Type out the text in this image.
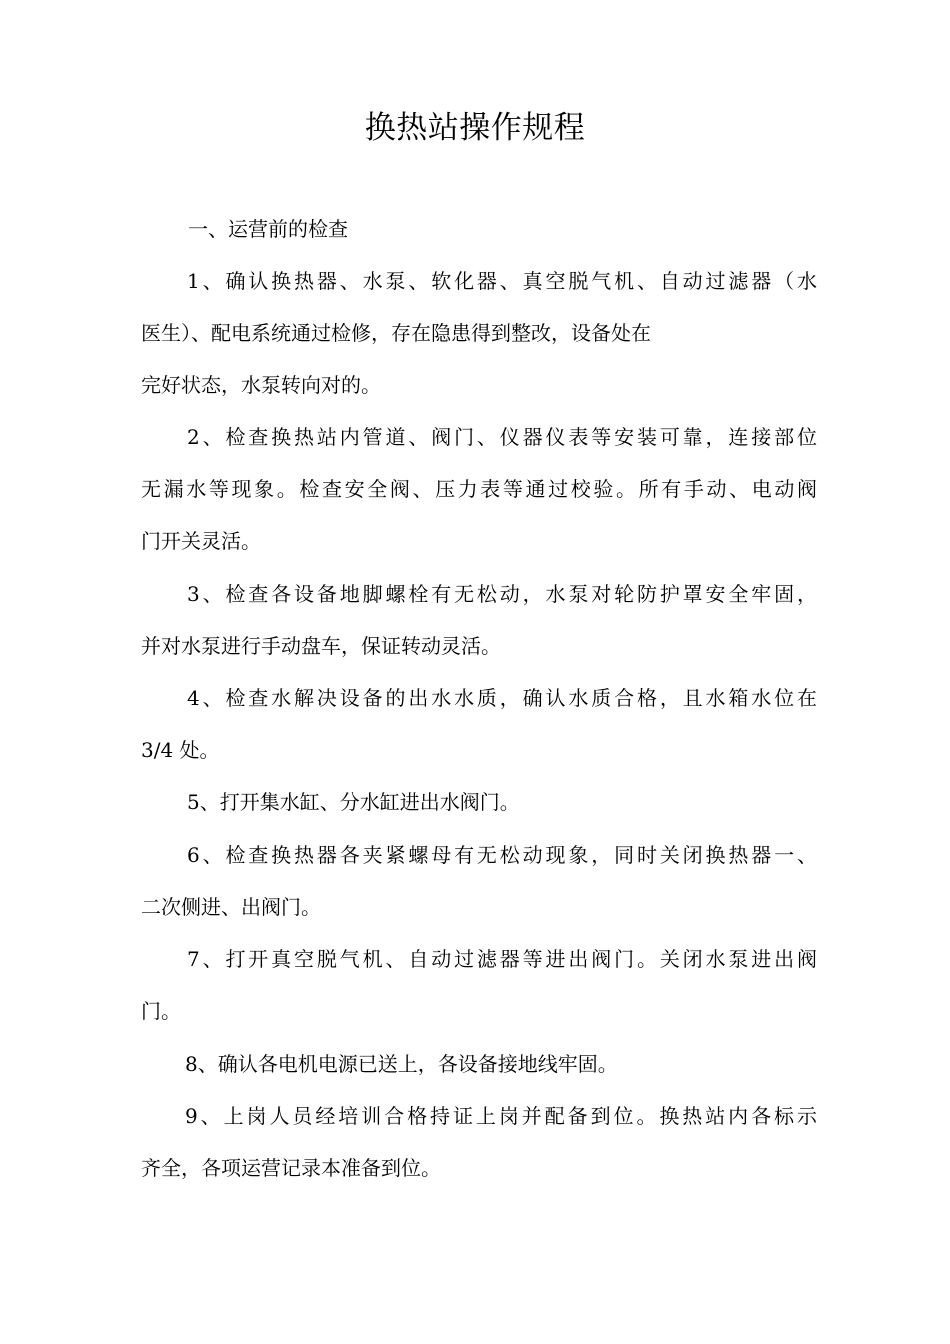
换热站操作规程
一、运营前的检查
1、确认换热器、水泵、软化器、真空脱气机、自动过滤器（水
医生）、配电系统通过检修，存在隐患得到整改，设备处在
完好状态，水泵转向对的。
2、检查换热站内管道、阀门、仪器仪表等安装可靠，连接部位
无漏水等现象。检查安全阀、压力表等通过校验。所有手动、电动阀
门开关灵活。
3、检查各设备地脚螺栓有无松动，水泵对轮防护罩安全牢固，
并对水泵进行手动盘车，保证转动灵活。
4、检查水解决设备的出水水质，确认水质合格，且水箱水位在
3/4 处。
5、打开集水缸、分水缸进出水阀门。
6、检查换热器各夹紧螺母有无松动现象，同时关闭换热器一、
二次侧进、出阀门。
7、打开真空脱气机、自动过滤器等进出阀门。关闭水泵进出阀
门。
8、确认各电机电源已送上，各设备接地线牢固。
9、上岗人员经培训合格持证上岗并配备到位。换热站内各标示
齐全，各项运营记录本准备到位。
